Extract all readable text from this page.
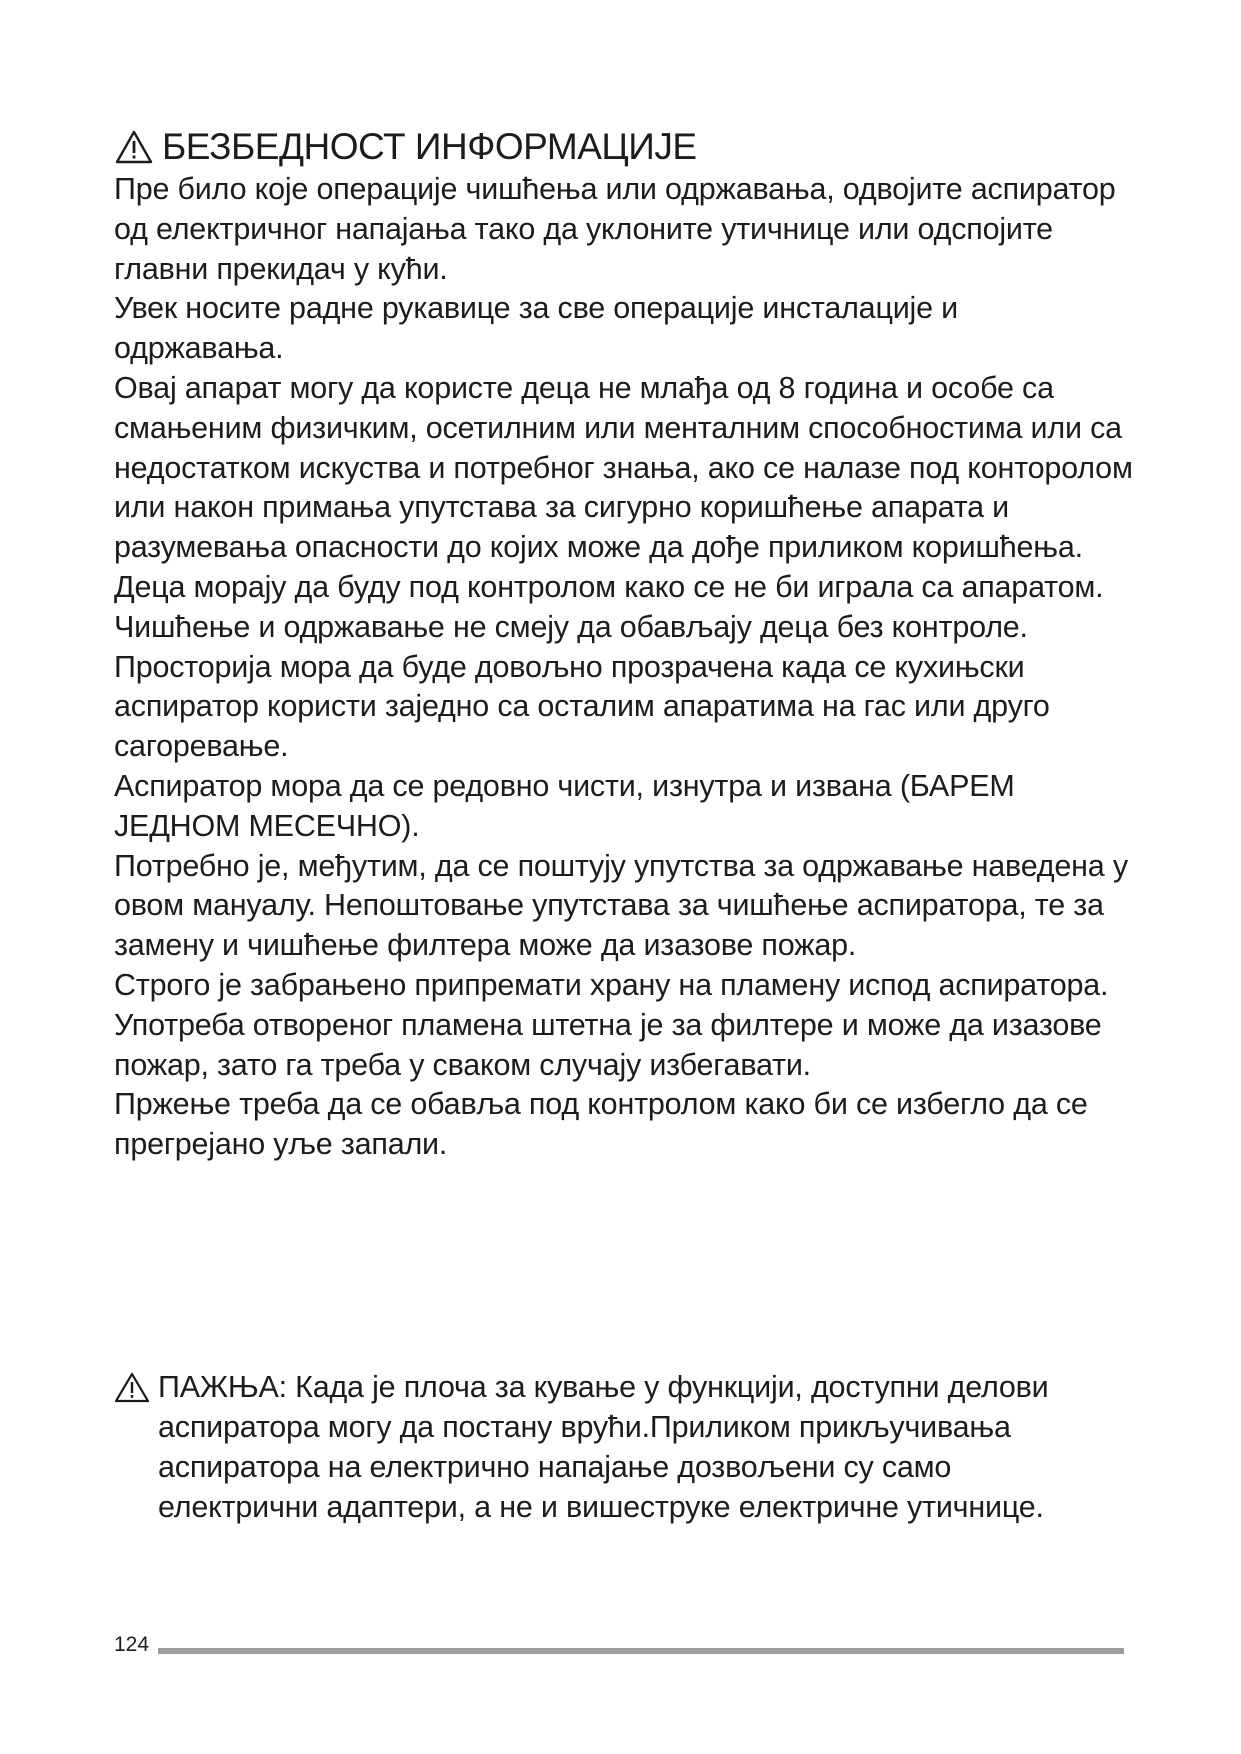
БЕЗБЕДНОСТ ИНФОРМАЦИЈЕ

Пре било које операције чишћења или одржавања, одвојите аспиратор од електричног напајања тако да уклоните утичнице или одспојите главни прекидач у кући.

Увек носите радне рукавице за све операције инсталације и одржавања.

Овај апарат могу да користе деца не млађа од 8 година и особе са смањеним физичким, осетилним или менталним способностима или са недостатком искуства и потребног знања, ако се налазе под конторолом или након примања упутстава за сигурно коришћење апарата и разумевања опасности до којих може да дође приликом коришћења.

Деца морају да буду под контролом како се не би играла са апаратом. Чишћење и одржавање не смеју да обављају деца без контроле.

Просторија мора да буде довољно прозрачена када се кухињски аспиратор користи заједно са осталим апаратима на гас или друго сагоревање.

Аспиратор мора да се редовно чисти, изнутра и извана (БАРЕМ ЈЕДНОМ МЕСЕЧНО).

Потребно је, међутим, да се поштују упутства за одржавање наведена у овом мануалу. Непоштовање упутстава за чишћење аспиратора, те за замену и чишћење филтера може да изазове пожар.

Строго је забрањено припремати храну на пламену испод аспиратора.

Употреба отвореног пламена штетна је за филтере и може да изазове пожар, зато га треба у сваком случају избегавати.

Пржење треба да се обавља под контролом како би се избегло да се прегрејано уље запали.

ПАЖЊА: Када је плоча за кување у функцији, доступни делови аспиратора могу да постану врући.Приликом прикључивања аспиратора на електрично напајање дозвољени су само електрични адаптери, а не и вишеструке електричне утичнице.

124
